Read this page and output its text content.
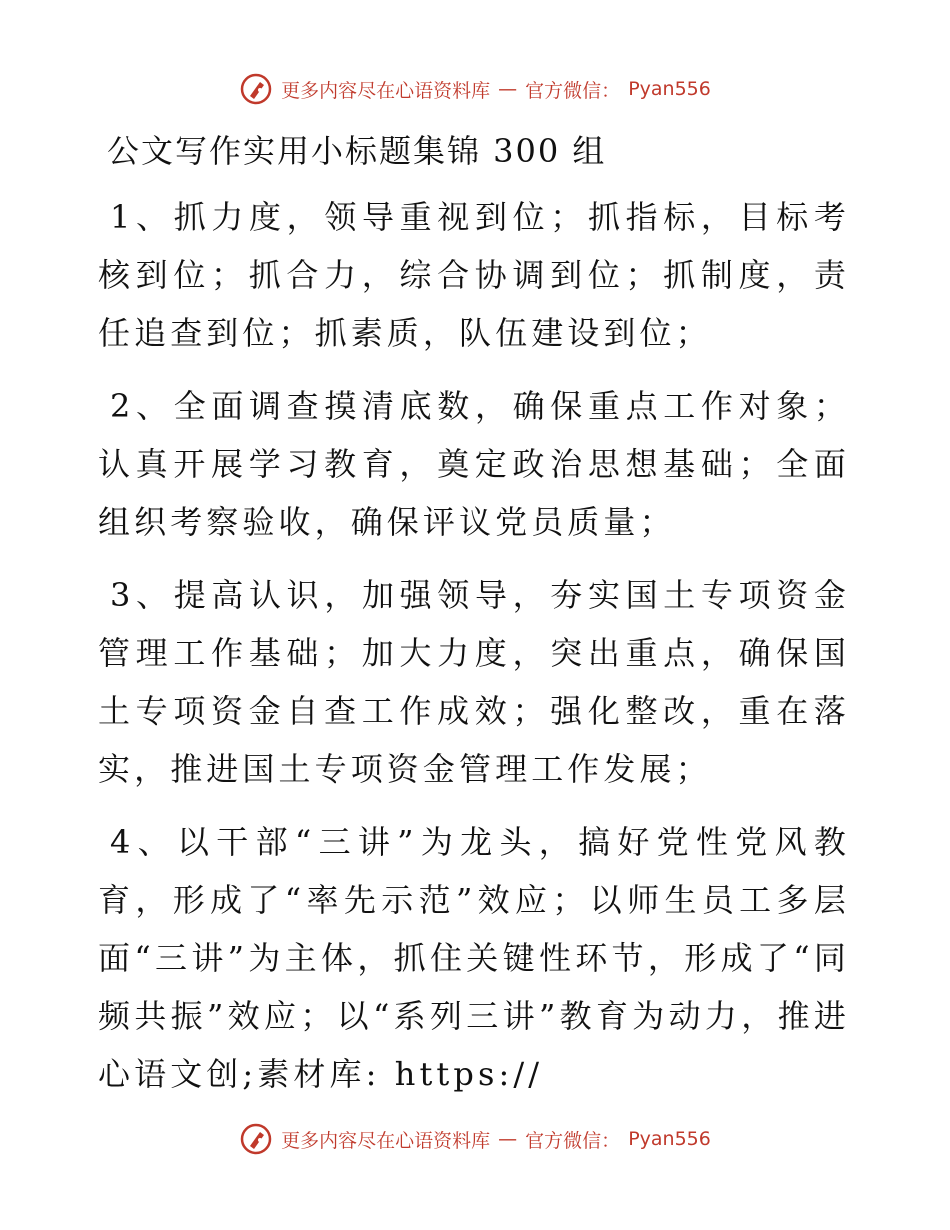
更多内容尽在心语资料库 — 官方微信： Pyan556
公文写作实用小标题集锦 300 组

1、抓力度，领导重视到位；抓指标，目标考核到位；抓合力，综合协调到位；抓制度，责任追查到位；抓素质，队伍建设到位；

2、全面调查摸清底数，确保重点工作对象；认真开展学习教育，奠定政治思想基础；全面组织考察验收，确保评议党员质量；

3、提高认识，加强领导，夯实国土专项资金管理工作基础；加大力度，突出重点，确保国土专项资金自查工作成效；强化整改，重在落实，推进国土专项资金管理工作发展；

4、以干部“三讲”为龙头，搞好党性党风教育，形成了“率先示范”效应；以师生员工多层面“三讲”为主体，抓住关键性环节，形成了“同频共振”效应；以“系列三讲”教育为动力，推进心语文创;素材库: https://

更多内容尽在心语资料库 — 官方微信： Pyan556
